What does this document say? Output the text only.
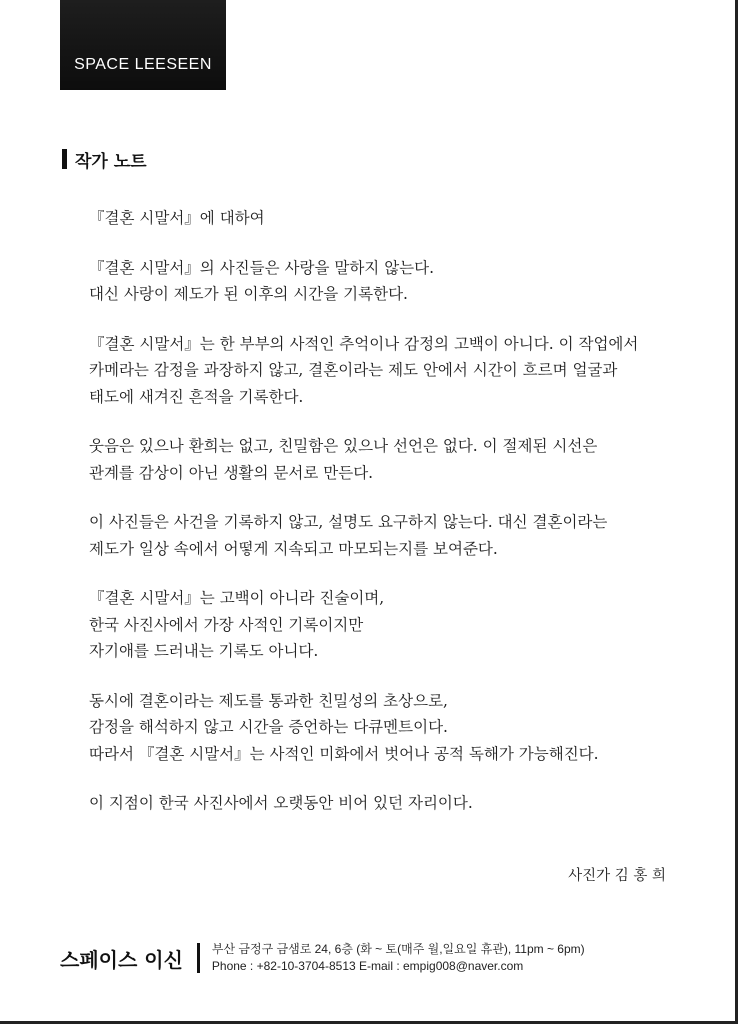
SPACE LEESEEN
작가 노트
『결혼 시말서』에 대하여
『결혼 시말서』의 사진들은 사랑을 말하지 않는다.
대신 사랑이 제도가 된 이후의 시간을 기록한다.
『결혼 시말서』는 한 부부의 사적인 추억이나 감정의 고백이 아니다. 이 작업에서
카메라는 감정을 과장하지 않고, 결혼이라는 제도 안에서 시간이 흐르며 얼굴과
태도에 새겨진 흔적을 기록한다.
웃음은 있으나 환희는 없고, 친밀함은 있으나 선언은 없다. 이 절제된 시선은
관계를 감상이 아닌 생활의 문서로 만든다.
이 사진들은 사건을 기록하지 않고, 설명도 요구하지 않는다. 대신 결혼이라는
제도가 일상 속에서 어떻게 지속되고 마모되는지를 보여준다.
『결혼 시말서』는 고백이 아니라 진술이며,
한국 사진사에서 가장 사적인 기록이지만
자기애를 드러내는 기록도 아니다.
동시에 결혼이라는 제도를 통과한 친밀성의 초상으로,
감정을 해석하지 않고 시간을 증언하는 다큐멘트이다.
따라서 『결혼 시말서』는 사적인 미화에서 벗어나 공적 독해가 가능해진다.
이 지점이 한국 사진사에서 오랫동안 비어 있던 자리이다.
사진가 김 홍 희
스페이스 이신 부산 금정구 금샘로 24, 6층 (화 ~ 토(매주 월,일요일 휴관), 11pm ~ 6pm)
Phone : +82-10-3704-8513 E-mail : empig008@naver.com
